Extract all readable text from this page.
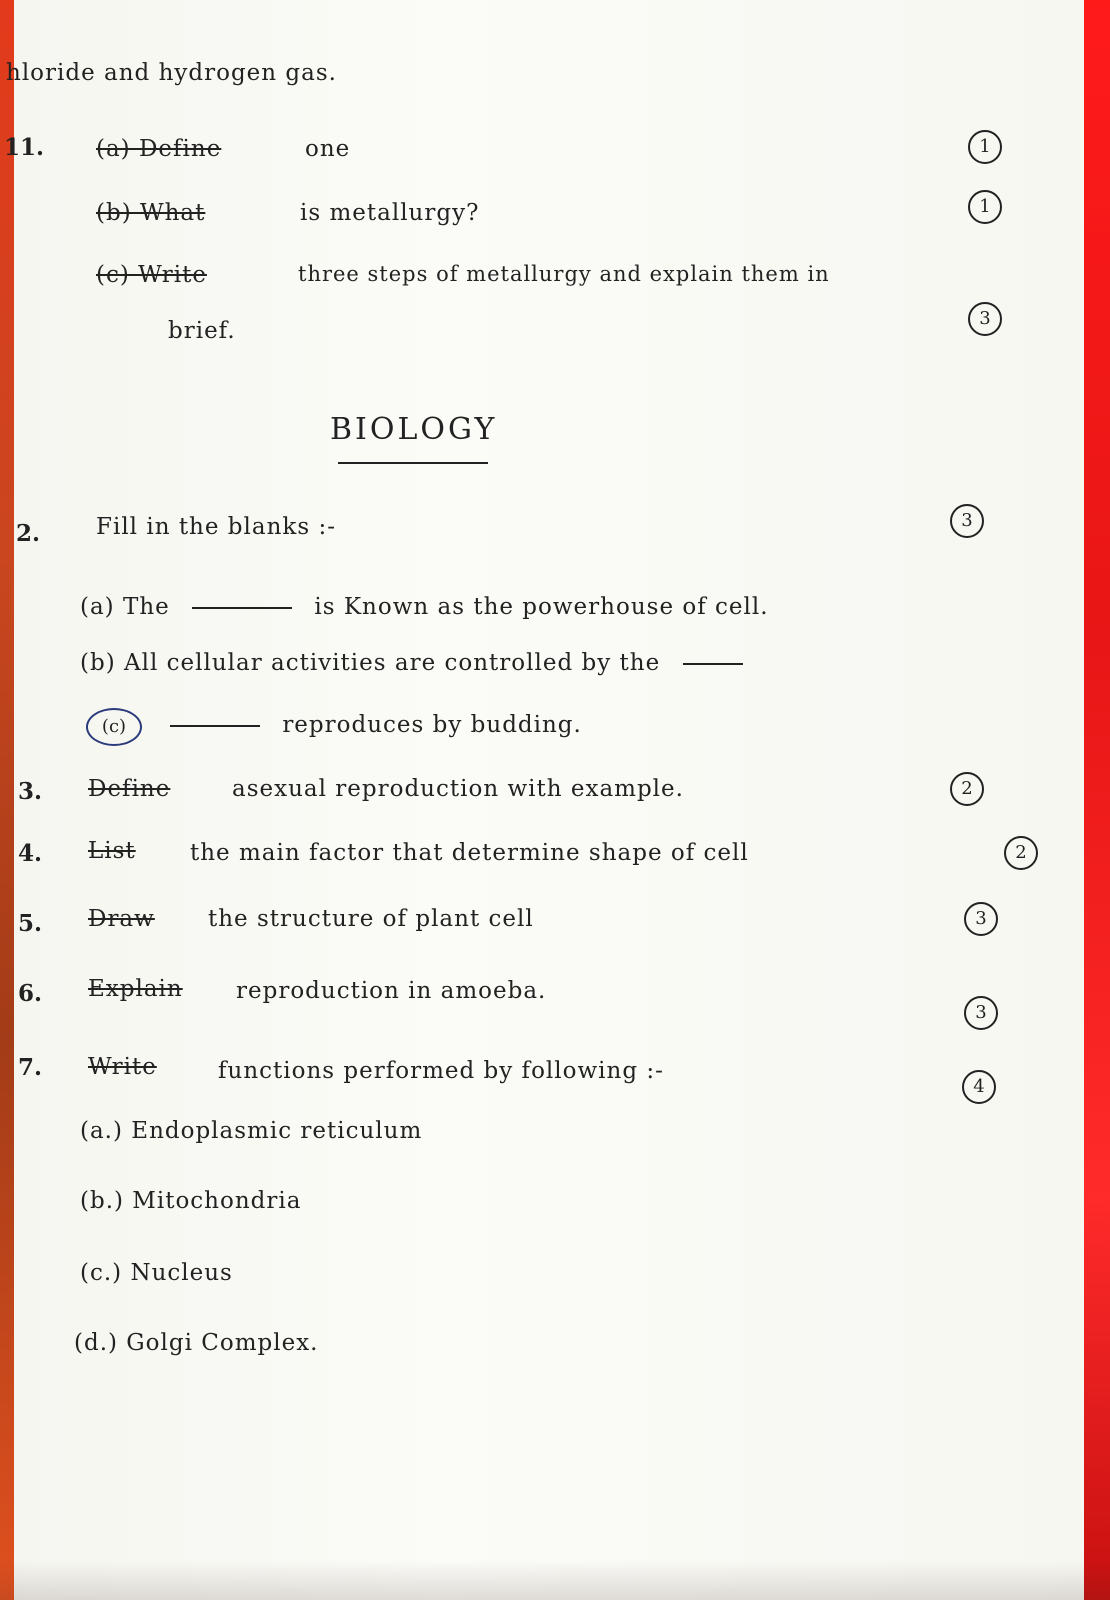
hloride and hydrogen gas.
11. (a) Define	one	1
(b) What	is metallurgy?	1
(c) Write	three steps of metallurgy and explain them in
brief.	3
BIOLOGY
2. Fill in the blanks :-	3
(a) The	is Known as the powerhouse of cell.
(b) All cellular activities are controlled by the
(c)	reproduces by budding.
3. Define	asexual reproduction with example.	2
4. List the main factor that determine shape of cell	2
5. Draw the structure of plant cell	3
6. Explain reproduction in amoeba.
3
7. Write	functions performed by following :-
4
(a.) Endoplasmic reticulum
(b.) Mitochondria
(c.) Nucleus
(d.) Golgi Complex.
